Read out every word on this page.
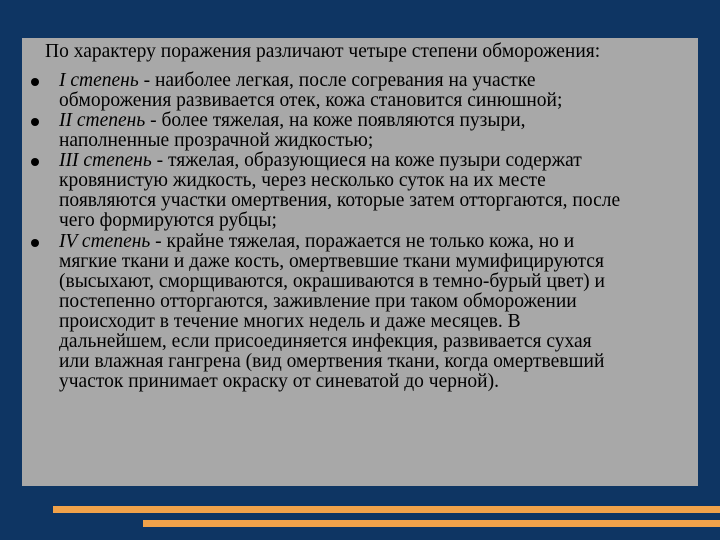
По характеру поражения различают четыре степени обморожения:
I степень - наиболее легкая, после согревания на участке
обморожения развивается отек, кожа становится синюшной;
II степень - более тяжелая, на коже появляются пузыри,
наполненные прозрачной жидкостью;
III степень - тяжелая, образующиеся на коже пузыри содержат
кровянистую жидкость, через несколько суток на их месте
появляются участки омертвения, которые затем отторгаются, после
чего формируются рубцы;
IV степень - крайне тяжелая, поражается не только кожа, но и
мягкие ткани и даже кость, омертвевшие ткани мумифицируются
(высыхают, сморщиваются, окрашиваются в темно-бурый цвет) и
постепенно отторгаются, заживление при таком обморожении
происходит в течение многих недель и даже месяцев. В
дальнейшем, если присоединяется инфекция, развивается сухая
или влажная гангрена (вид омертвения ткани, когда омертвевший
участок принимает окраску от синеватой до черной).
